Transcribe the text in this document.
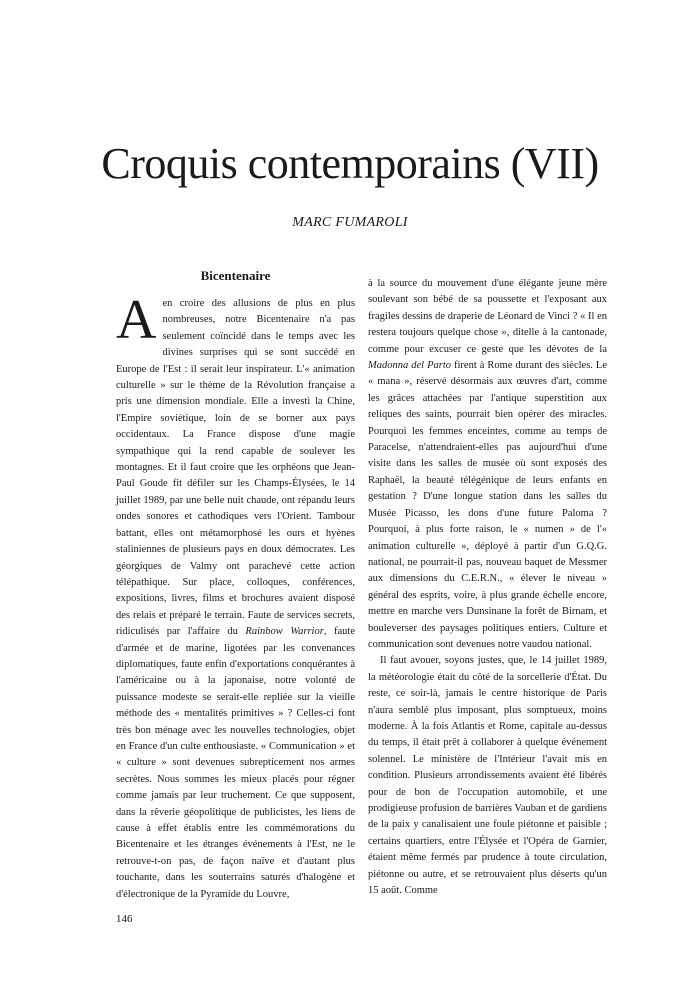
Croquis contemporains (VII)

MARC FUMAROLI

Bicentenaire

Aen croire des allusions de plus en plus nombreuses, notre Bicentenaire n'a pas seulement coïncidé dans le temps avec les divines surprises qui se sont succédé en Europe de l'Est : il serait leur inspirateur. L'« animation culturelle » sur le thème de la Révolution française a pris une dimension mondiale. Elle a investi la Chine, l'Empire soviétique, loin de se borner aux pays occidentaux. La France dispose d'une magie sympathique qui la rend capable de soulever les montagnes. Et il faut croire que les orphéons que Jean-Paul Goude fit défiler sur les Champs-Élysées, le 14 juillet 1989, par une belle nuit chaude, ont répandu leurs ondes sonores et cathodiques vers l'Orient. Tambour battant, elles ont métamorphosé les ours et hyènes staliniennes de plusieurs pays en doux démocrates. Les géorgiques de Valmy ont parachevé cette action télépathique. Sur place, colloques, conférences, expositions, livres, films et brochures avaient disposé des relais et préparé le terrain. Faute de services secrets, ridiculisés par l'affaire du Rainbow Warrior, faute d'armée et de marine, ligotées par les convenances diplomatiques, faute enfin d'exportations conquérantes à l'américaine ou à la japonaise, notre volonté de puissance modeste se serait-elle repliée sur la vieille méthode des « mentalités primitives » ? Celles-ci font très bon ménage avec les nouvelles technologies, objet en France d'un culte enthousiaste. « Communication » et « culture » sont devenues subrepticement nos armes secrètes. Nous sommes les mieux placés pour régner comme jamais par leur truchement. Ce que supposent, dans la rêverie géopolitique de publicistes, les liens de cause à effet établis entre les commémorations du Bicentenaire et les étranges événements à l'Est, ne le retrouve-t-on pas, de façon naïve et d'autant plus touchante, dans les souterrains saturés d'halogène et d'électronique de la Pyramide du Louvre,

à la source du mouvement d'une élégante jeune mère soulevant son bébé de sa poussette et l'exposant aux fragiles dessins de draperie de Léonard de Vinci ? « Il en restera toujours quelque chose », ditelle à la cantonade, comme pour excuser ce geste que les dévotes de la Madonna del Parto firent à Rome durant des siècles. Le « mana », réservé désormais aux œuvres d'art, comme les grâces attachées par l'antique superstition aux reliques des saints, pourrait bien opérer des miracles. Pourquoi les femmes enceintes, comme au temps de Paracelse, n'attendraient-elles pas aujourd'hui d'une visite dans les salles de musée où sont exposés des Raphaël, la beauté télégénique de leurs enfants en gestation ? D'une longue station dans les salles du Musée Picasso, les dons d'une future Paloma ? Pourquoi, à plus forte raison, le « numen » de l'« animation culturelle », déployé à partir d'un G.Q.G. national, ne pourrait-il pas, nouveau baquet de Messmer aux dimensions du C.E.R.N., « élever le niveau » général des esprits, voire, à plus grande échelle encore, mettre en marche vers Dunsinane la forêt de Birnam, et bouleverser des paysages politiques entiers. Culture et communication sont devenues notre vaudou national.

Il faut avouer, soyons justes, que, le 14 juillet 1989, la météorologie était du côté de la sorcellerie d'État. Du reste, ce soir-là, jamais le centre historique de Paris n'aura semblé plus imposant, plus somptueux, moins moderne. À la fois Atlantis et Rome, capitale au-dessus du temps, il était prêt à collaborer à quelque événement solennel. Le ministère de l'Intérieur l'avait mis en condition. Plusieurs arrondissements avaient été libérés pour de bon de l'occupation automobile, et une prodigieuse profusion de barrières Vauban et de gardiens de la paix y canalisaient une foule piétonne et paisible ; certains quartiers, entre l'Élysée et l'Opéra de Garnier, étaient même fermés par prudence à toute circulation, piétonne ou autre, et se retrouvaient plus déserts qu'un 15 août. Comme

146
